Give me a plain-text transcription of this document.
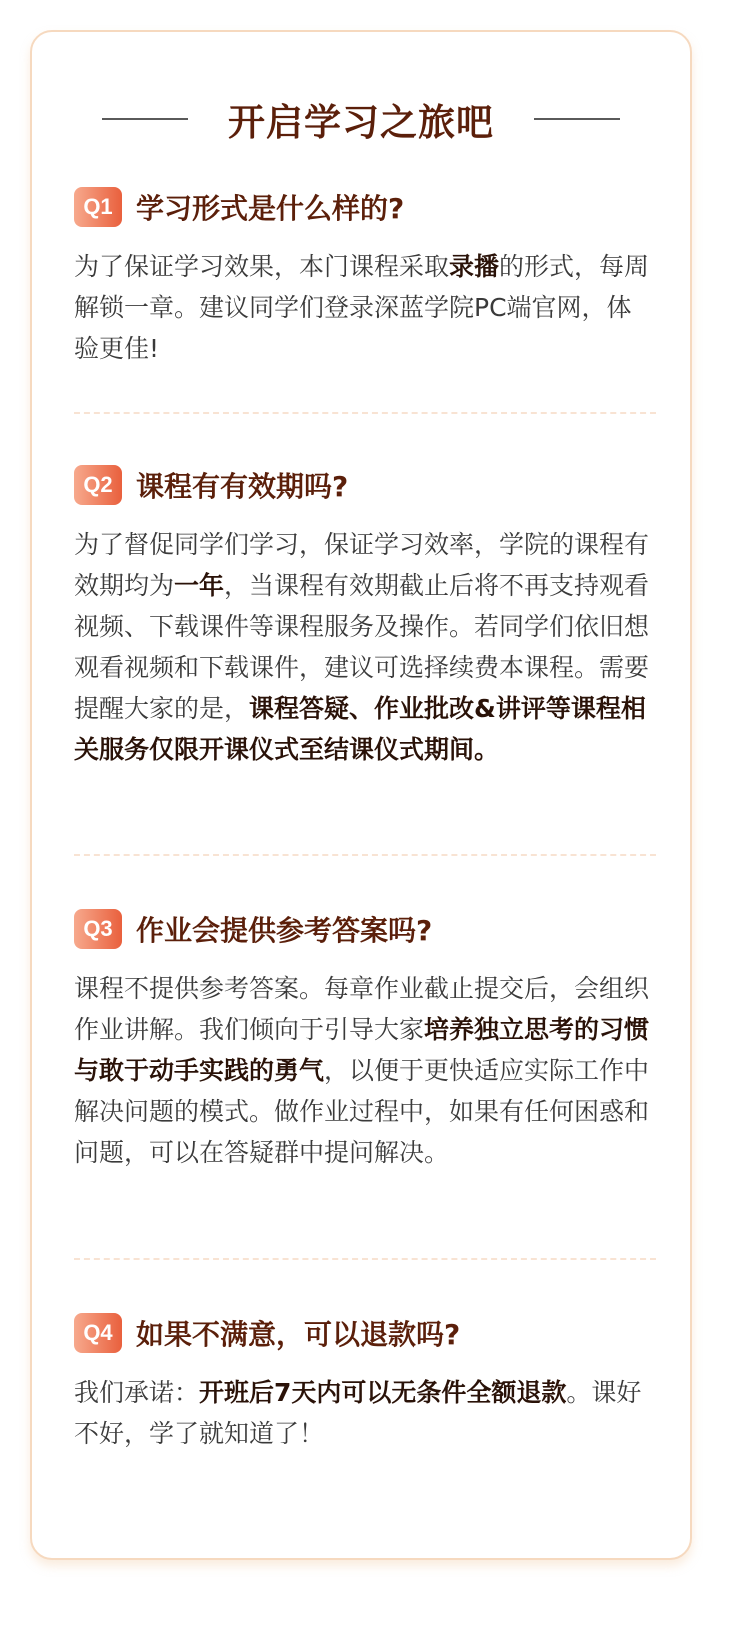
开启学习之旅吧
Q1 学习形式是什么样的?
为了保证学习效果，本门课程采取录播的形式，每周解锁一章。建议同学们登录深蓝学院PC端官网，体验更佳!
Q2 课程有有效期吗?
为了督促同学们学习，保证学习效率，学院的课程有效期均为一年，当课程有效期截止后将不再支持观看视频、下载课件等课程服务及操作。若同学们依旧想观看视频和下载课件，建议可选择续费本课程。需要提醒大家的是，课程答疑、作业批改&讲评等课程相关服务仅限开课仪式至结课仪式期间。
Q3 作业会提供参考答案吗?
课程不提供参考答案。每章作业截止提交后，会组织作业讲解。我们倾向于引导大家培养独立思考的习惯与敢于动手实践的勇气，以便于更快适应实际工作中解决问题的模式。做作业过程中，如果有任何困惑和问题，可以在答疑群中提问解决。
Q4 如果不满意，可以退款吗?
我们承诺：开班后7天内可以无条件全额退款。课好不好，学了就知道了！
